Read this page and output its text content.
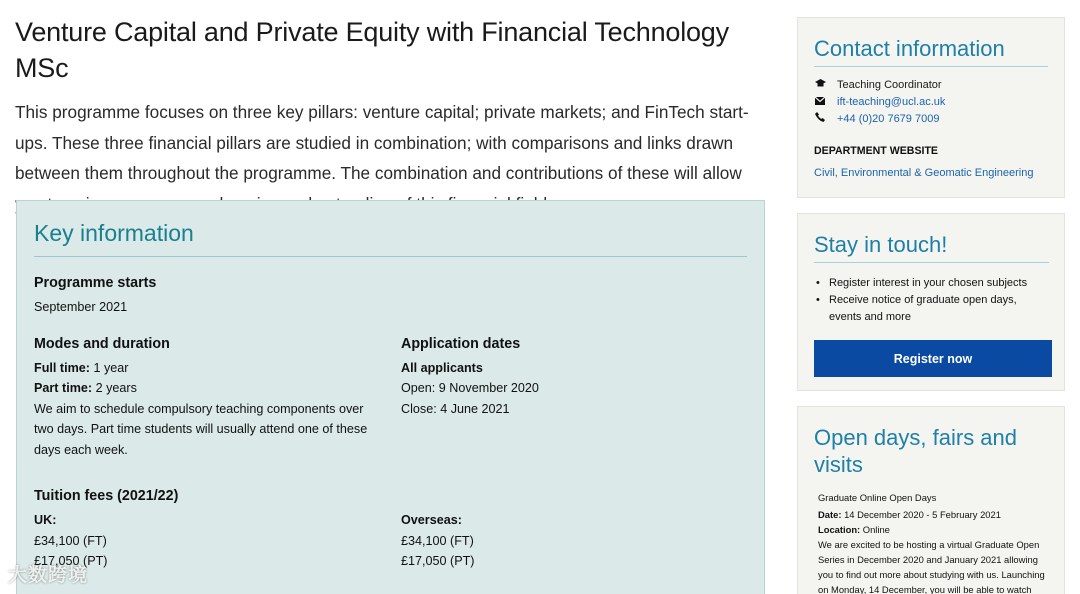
Venture Capital and Private Equity with Financial Technology MSc

This programme focuses on three key pillars: venture capital; private markets; and FinTech start-ups. These three financial pillars are studied in combination; with comparisons and links drawn between them throughout the programme. The combination and contributions of these will allow

Key information
Programme starts
September 2021
Modes and duration
Full time: 1 year
Part time: 2 years
We aim to schedule compulsory teaching components over two days. Part time students will usually attend one of these days each week.
Application dates
All applicants
Open: 9 November 2020
Close: 4 June 2021
Tuition fees (2021/22)
UK:
£34,100 (FT)
£17,050 (PT)
Overseas:
£34,100 (FT)
£17,050 (PT)
Contact information
Teaching Coordinator
ift-teaching@ucl.ac.uk
+44 (0)20 7679 7009
DEPARTMENT WEBSITE
Civil, Environmental & Geomatic Engineering
Stay in touch!
• Register interest in your chosen subjects
• Receive notice of graduate open days, events and more
Register now
Open days, fairs and visits
Graduate Online Open Days
Date: 14 December 2020 - 5 February 2021
Location: Online
We are excited to be hosting a virtual Graduate Open Series in December 2020 and January 2021 allowing you to find out more about studying with us. Launching on Monday, 14 December, you will be able to watch
大数跨境
